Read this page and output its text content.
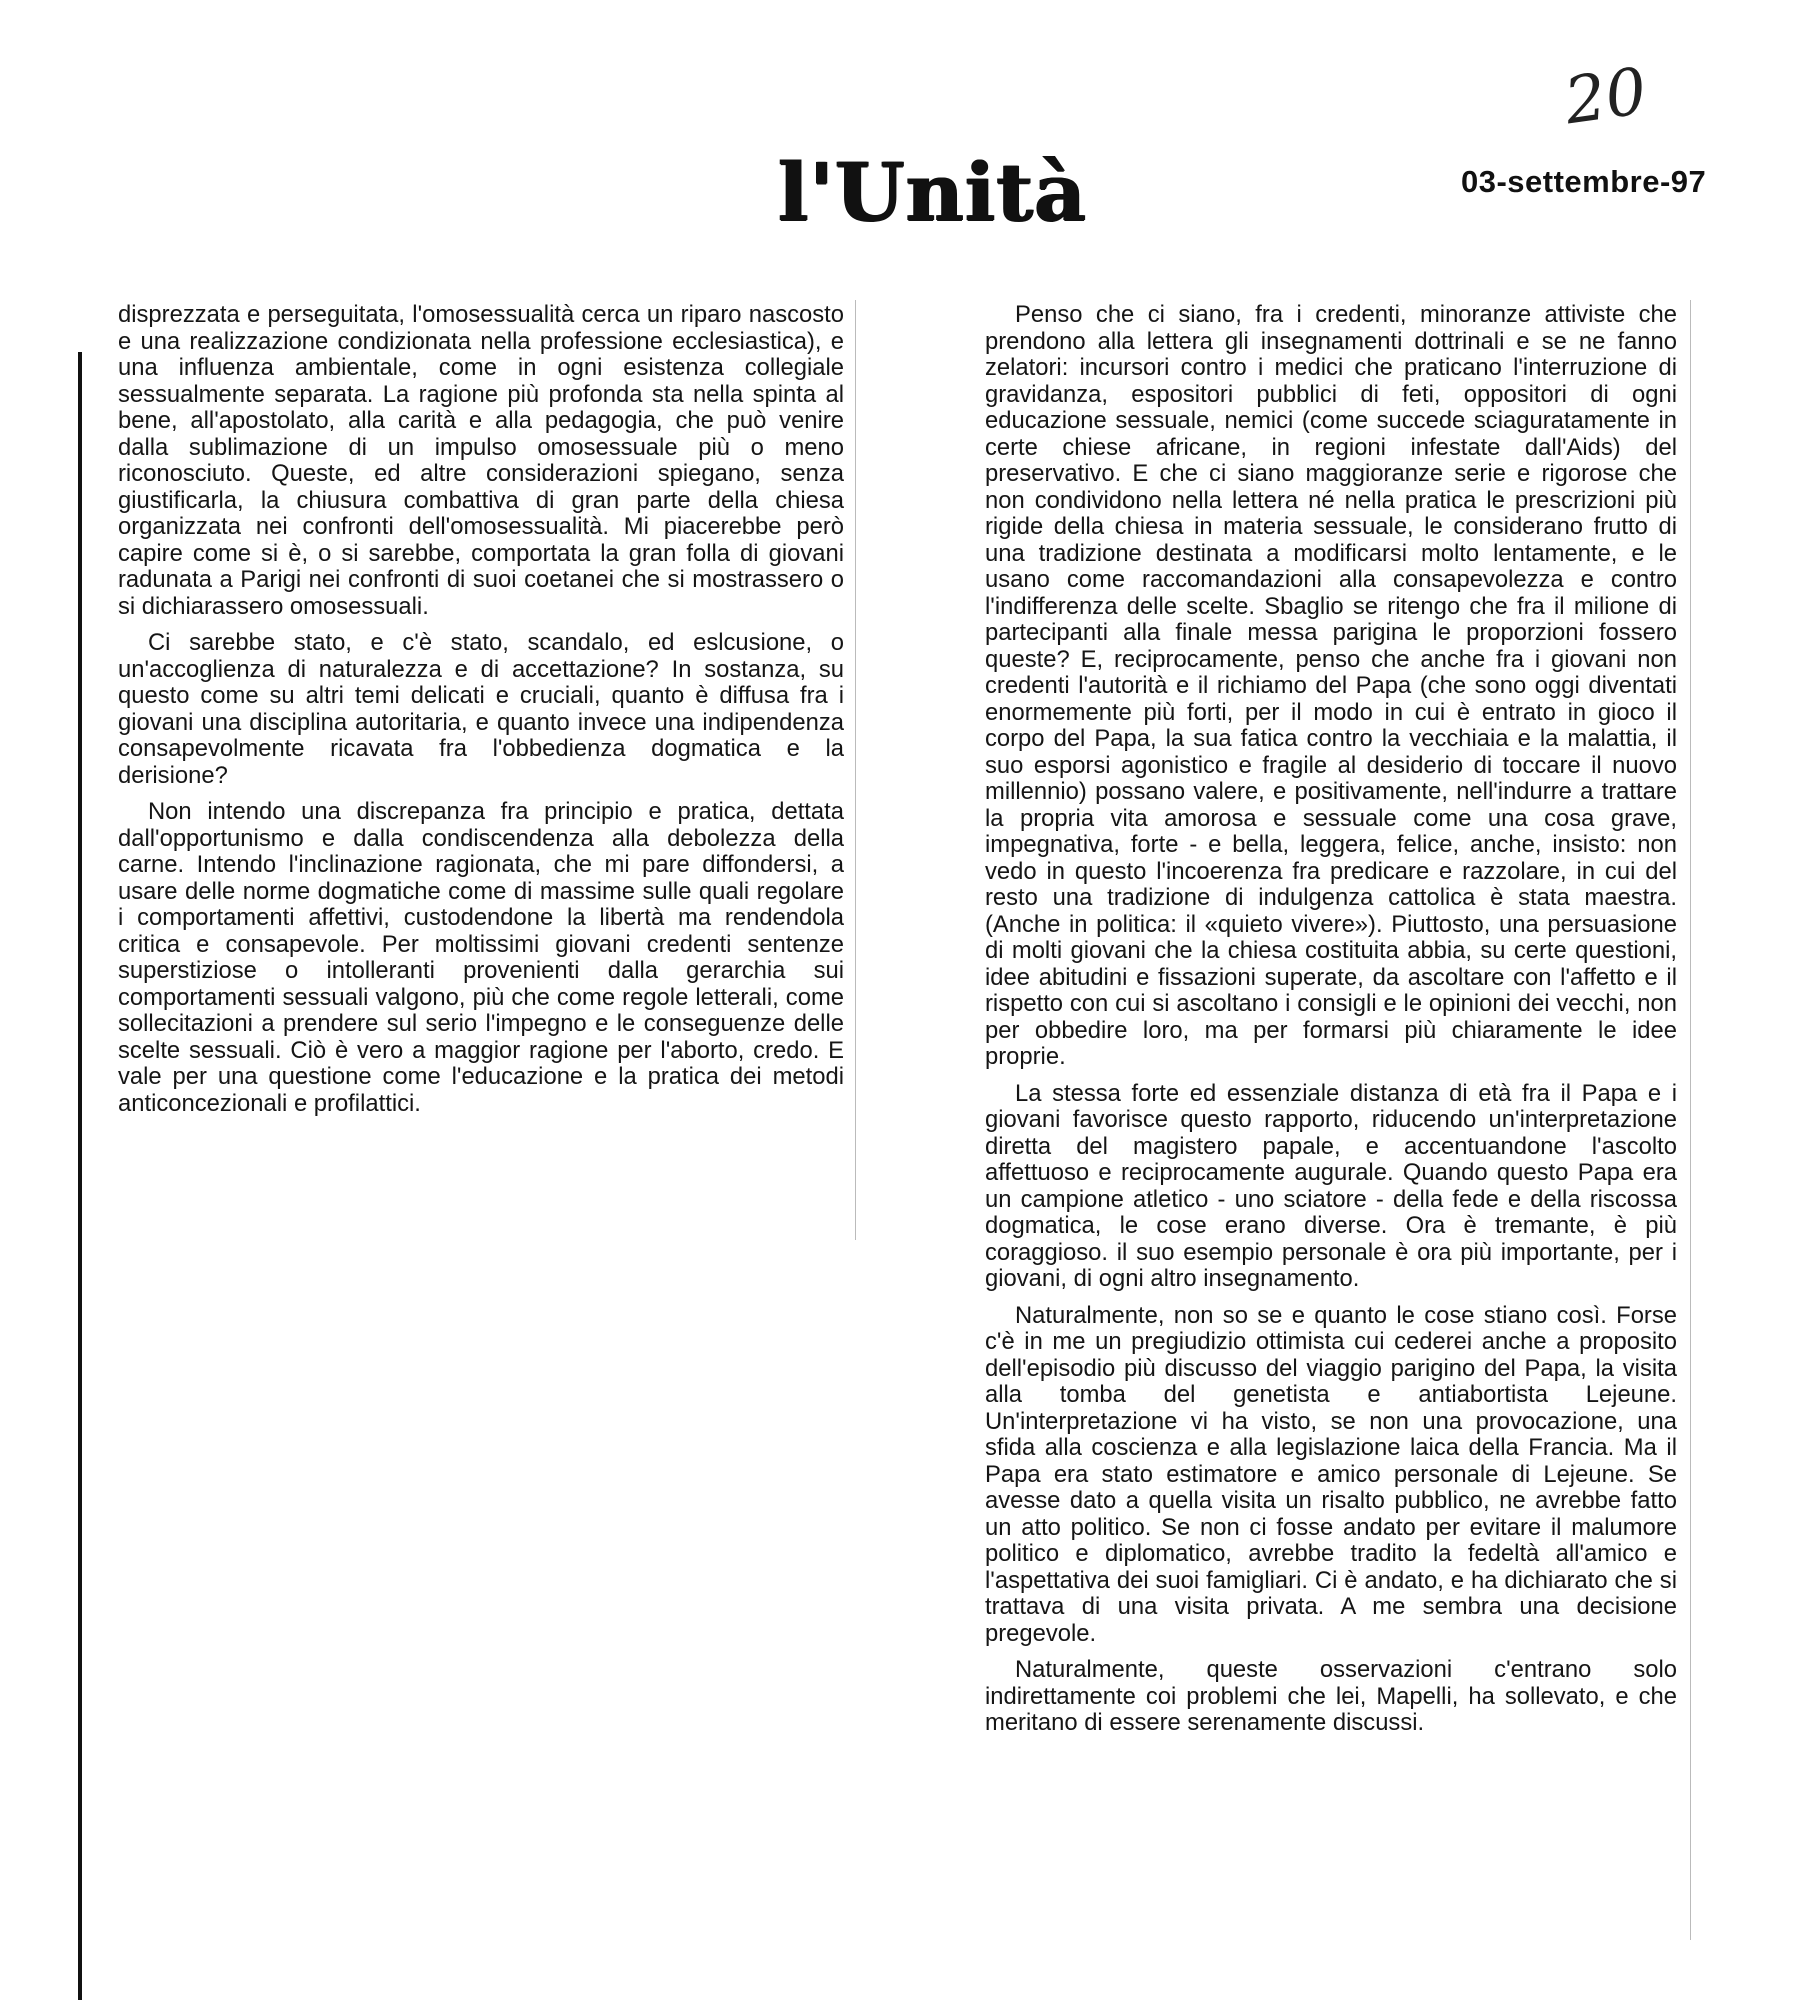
l'Unità
20
03-settembre-97

disprezzata e perseguitata, l'omosessualità cerca un riparo nascosto e una realizzazione condizionata nella professione ecclesiastica), e una influenza ambientale, come in ogni esistenza collegiale sessualmente separata. La ragione più profonda sta nella spinta al bene, all'apostolato, alla carità e alla pedagogia, che può venire dalla sublimazione di un impulso omosessuale più o meno riconosciuto. Queste, ed altre considerazioni spiegano, senza giustificarla, la chiusura combattiva di gran parte della chiesa organizzata nei confronti dell'omosessualità. Mi piacerebbe però capire come si è, o si sarebbe, comportata la gran folla di giovani radunata a Parigi nei confronti di suoi coetanei che si mostrassero o si dichiarassero omosessuali.

Ci sarebbe stato, e c'è stato, scandalo, ed eslcusione, o un'accoglienza di naturalezza e di accettazione? In sostanza, su questo come su altri temi delicati e cruciali, quanto è diffusa fra i giovani una disciplina autoritaria, e quanto invece una indipendenza consapevolmente ricavata fra l'obbedienza dogmatica e la derisione?

Non intendo una discrepanza fra principio e pratica, dettata dall'opportunismo e dalla condiscendenza alla debolezza della carne. Intendo l'inclinazione ragionata, che mi pare diffondersi, a usare delle norme dogmatiche come di massime sulle quali regolare i comportamenti affettivi, custodendone la libertà ma rendendola critica e consapevole. Per moltissimi giovani credenti sentenze superstiziose o intolleranti provenienti dalla gerarchia sui comportamenti sessuali valgono, più che come regole letterali, come sollecitazioni a prendere sul serio l'impegno e le conseguenze delle scelte sessuali. Ciò è vero a maggior ragione per l'aborto, credo. E vale per una questione come l'educazione e la pratica dei metodi anticoncezionali e profilattici.

Penso che ci siano, fra i credenti, minoranze attiviste che prendono alla lettera gli insegnamenti dottrinali e se ne fanno zelatori: incursori contro i medici che praticano l'interruzione di gravidanza, espositori pubblici di feti, oppositori di ogni educazione sessuale, nemici (come succede sciaguratamente in certe chiese africane, in regioni infestate dall'Aids) del preservativo. E che ci siano maggioranze serie e rigorose che non condividono nella lettera né nella pratica le prescrizioni più rigide della chiesa in materia sessuale, le considerano frutto di una tradizione destinata a modificarsi molto lentamente, e le usano come raccomandazioni alla consapevolezza e contro l'indifferenza delle scelte. Sbaglio se ritengo che fra il milione di partecipanti alla finale messa parigina le proporzioni fossero queste? E, reciprocamente, penso che anche fra i giovani non credenti l'autorità e il richiamo del Papa (che sono oggi diventati enormemente più forti, per il modo in cui è entrato in gioco il corpo del Papa, la sua fatica contro la vecchiaia e la malattia, il suo esporsi agonistico e fragile al desiderio di toccare il nuovo millennio) possano valere, e positivamente, nell'indurre a trattare la propria vita amorosa e sessuale come una cosa grave, impegnativa, forte - e bella, leggera, felice, anche, insisto: non vedo in questo l'incoerenza fra predicare e razzolare, in cui del resto una tradizione di indulgenza cattolica è stata maestra. (Anche in politica: il «quieto vivere»). Piuttosto, una persuasione di molti giovani che la chiesa costituita abbia, su certe questioni, idee abitudini e fissazioni superate, da ascoltare con l'affetto e il rispetto con cui si ascoltano i consigli e le opinioni dei vecchi, non per obbedire loro, ma per formarsi più chiaramente le idee proprie.

La stessa forte ed essenziale distanza di età fra il Papa e i giovani favorisce questo rapporto, riducendo un'interpretazione diretta del magistero papale, e accentuandone l'ascolto affettuoso e reciprocamente augurale. Quando questo Papa era un campione atletico - uno sciatore - della fede e della riscossa dogmatica, le cose erano diverse. Ora è tremante, è più coraggioso. il suo esempio personale è ora più importante, per i giovani, di ogni altro insegnamento.

Naturalmente, non so se e quanto le cose stiano così. Forse c'è in me un pregiudizio ottimista cui cederei anche a proposito dell'episodio più discusso del viaggio parigino del Papa, la visita alla tomba del genetista e antiabortista Lejeune. Un'interpretazione vi ha visto, se non una provocazione, una sfida alla coscienza e alla legislazione laica della Francia. Ma il Papa era stato estimatore e amico personale di Lejeune. Se avesse dato a quella visita un risalto pubblico, ne avrebbe fatto un atto politico. Se non ci fosse andato per evitare il malumore politico e diplomatico, avrebbe tradito la fedeltà all'amico e l'aspettativa dei suoi famigliari. Ci è andato, e ha dichiarato che si trattava di una visita privata. A me sembra una decisione pregevole.

Naturalmente, queste osservazioni c'entrano solo indirettamente coi problemi che lei, Mapelli, ha sollevato, e che meritano di essere serenamente discussi.
